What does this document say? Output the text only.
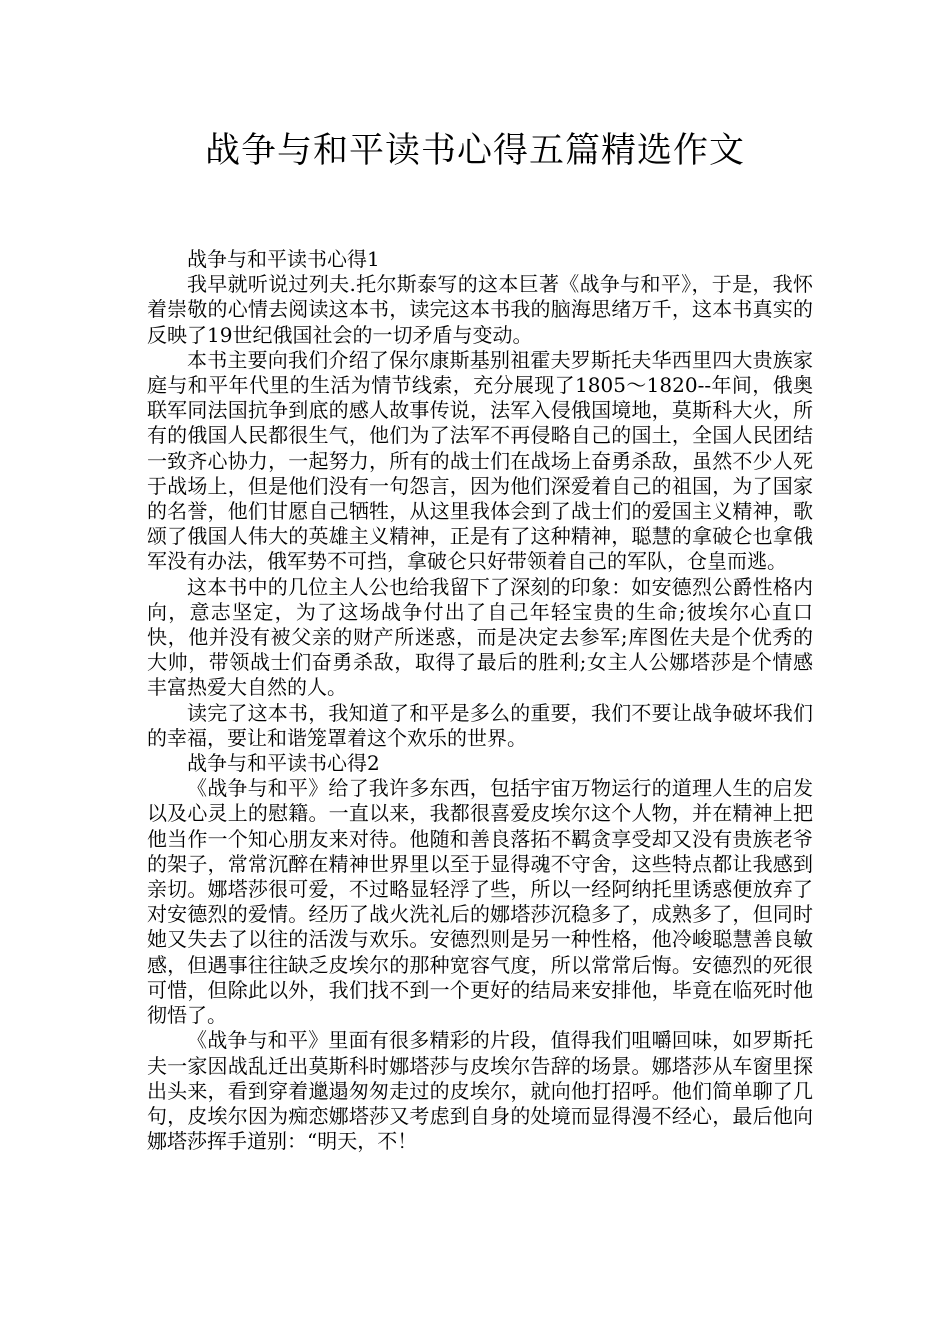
战争与和平读书心得五篇精选作文

战争与和平读书心得1

我早就听说过列夫.托尔斯泰写的这本巨著《战争与和平》，于是，我怀着崇敬的心情去阅读这本书，读完这本书我的脑海思绪万千，这本书真实的反映了19世纪俄国社会的一切矛盾与变动。

本书主要向我们介绍了保尔康斯基别祖霍夫罗斯托夫华西里四大贵族家庭与和平年代里的生活为情节线索，充分展现了1805～1820--年间，俄奥联军同法国抗争到底的感人故事传说，法军入侵俄国境地，莫斯科大火，所有的俄国人民都很生气，他们为了法军不再侵略自己的国土，全国人民团结一致齐心协力，一起努力，所有的战士们在战场上奋勇杀敌，虽然不少人死于战场上，但是他们没有一句怨言，因为他们深爱着自己的祖国，为了国家的名誉，他们甘愿自己牺牲，从这里我体会到了战士们的爱国主义精神，歌颂了俄国人伟大的英雄主义精神，正是有了这种精神，聪慧的拿破仑也拿俄军没有办法，俄军势不可挡，拿破仑只好带领着自己的军队，仓皇而逃。

这本书中的几位主人公也给我留下了深刻的印象：如安德烈公爵性格内向，意志坚定，为了这场战争付出了自己年轻宝贵的生命;彼埃尔心直口快，他并没有被父亲的财产所迷惑，而是决定去参军;库图佐夫是个优秀的大帅，带领战士们奋勇杀敌，取得了最后的胜利;女主人公娜塔莎是个情感丰富热爱大自然的人。

读完了这本书，我知道了和平是多么的重要，我们不要让战争破坏我们的幸福，要让和谐笼罩着这个欢乐的世界。

战争与和平读书心得2

《战争与和平》给了我许多东西，包括宇宙万物运行的道理人生的启发以及心灵上的慰籍。一直以来，我都很喜爱皮埃尔这个人物，并在精神上把他当作一个知心朋友来对待。他随和善良落拓不羁贪享受却又没有贵族老爷的架子，常常沉醉在精神世界里以至于显得魂不守舍，这些特点都让我感到亲切。娜塔莎很可爱，不过略显轻浮了些，所以一经阿纳托里诱惑便放弃了对安德烈的爱情。经历了战火洗礼后的娜塔莎沉稳多了，成熟多了，但同时她又失去了以往的活泼与欢乐。安德烈则是另一种性格，他冷峻聪慧善良敏感，但遇事往往缺乏皮埃尔的那种宽容气度，所以常常后悔。安德烈的死很可惜，但除此以外，我们找不到一个更好的结局来安排他，毕竟在临死时他彻悟了。

《战争与和平》里面有很多精彩的片段，值得我们咀嚼回味，如罗斯托夫一家因战乱迁出莫斯科时娜塔莎与皮埃尔告辞的场景。娜塔莎从车窗里探出头来，看到穿着邋遢匆匆走过的皮埃尔，就向他打招呼。他们简单聊了几句，皮埃尔因为痴恋娜塔莎又考虑到自身的处境而显得漫不经心，最后他向娜塔莎挥手道别：“明天，不！
